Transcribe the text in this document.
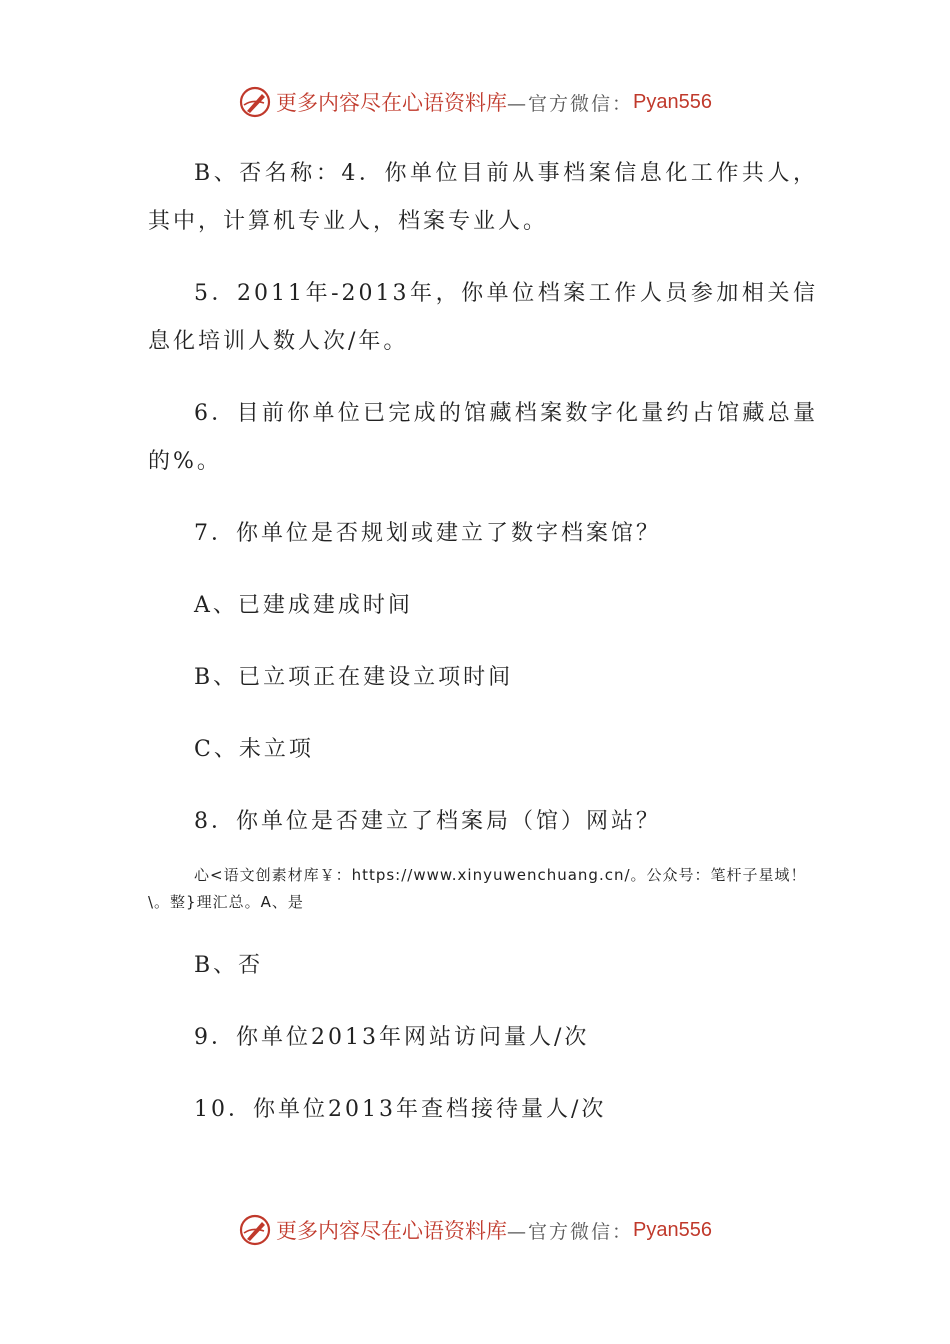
更多内容尽在心语资料库 —官方微信： Pyan556

B、否名称：4．你单位目前从事档案信息化工作共人，其中，计算机专业人，档案专业人。

5．2011年-2013年，你单位档案工作人员参加相关信息化培训人数人次/年。

6．目前你单位已完成的馆藏档案数字化量约占馆藏总量的%。

7．你单位是否规划或建立了数字档案馆？

A、已建成建成时间

B、已立项正在建设立项时间

C、未立项

8．你单位是否建立了档案局（馆）网站？

心<语文创素材库￥：https://www.xinyuwenchuang.cn/。公众号：笔杆子星域！\。整}理汇总。A、是

B、否

9．你单位2013年网站访问量人/次

10．你单位2013年查档接待量人/次

更多内容尽在心语资料库 —官方微信： Pyan556
